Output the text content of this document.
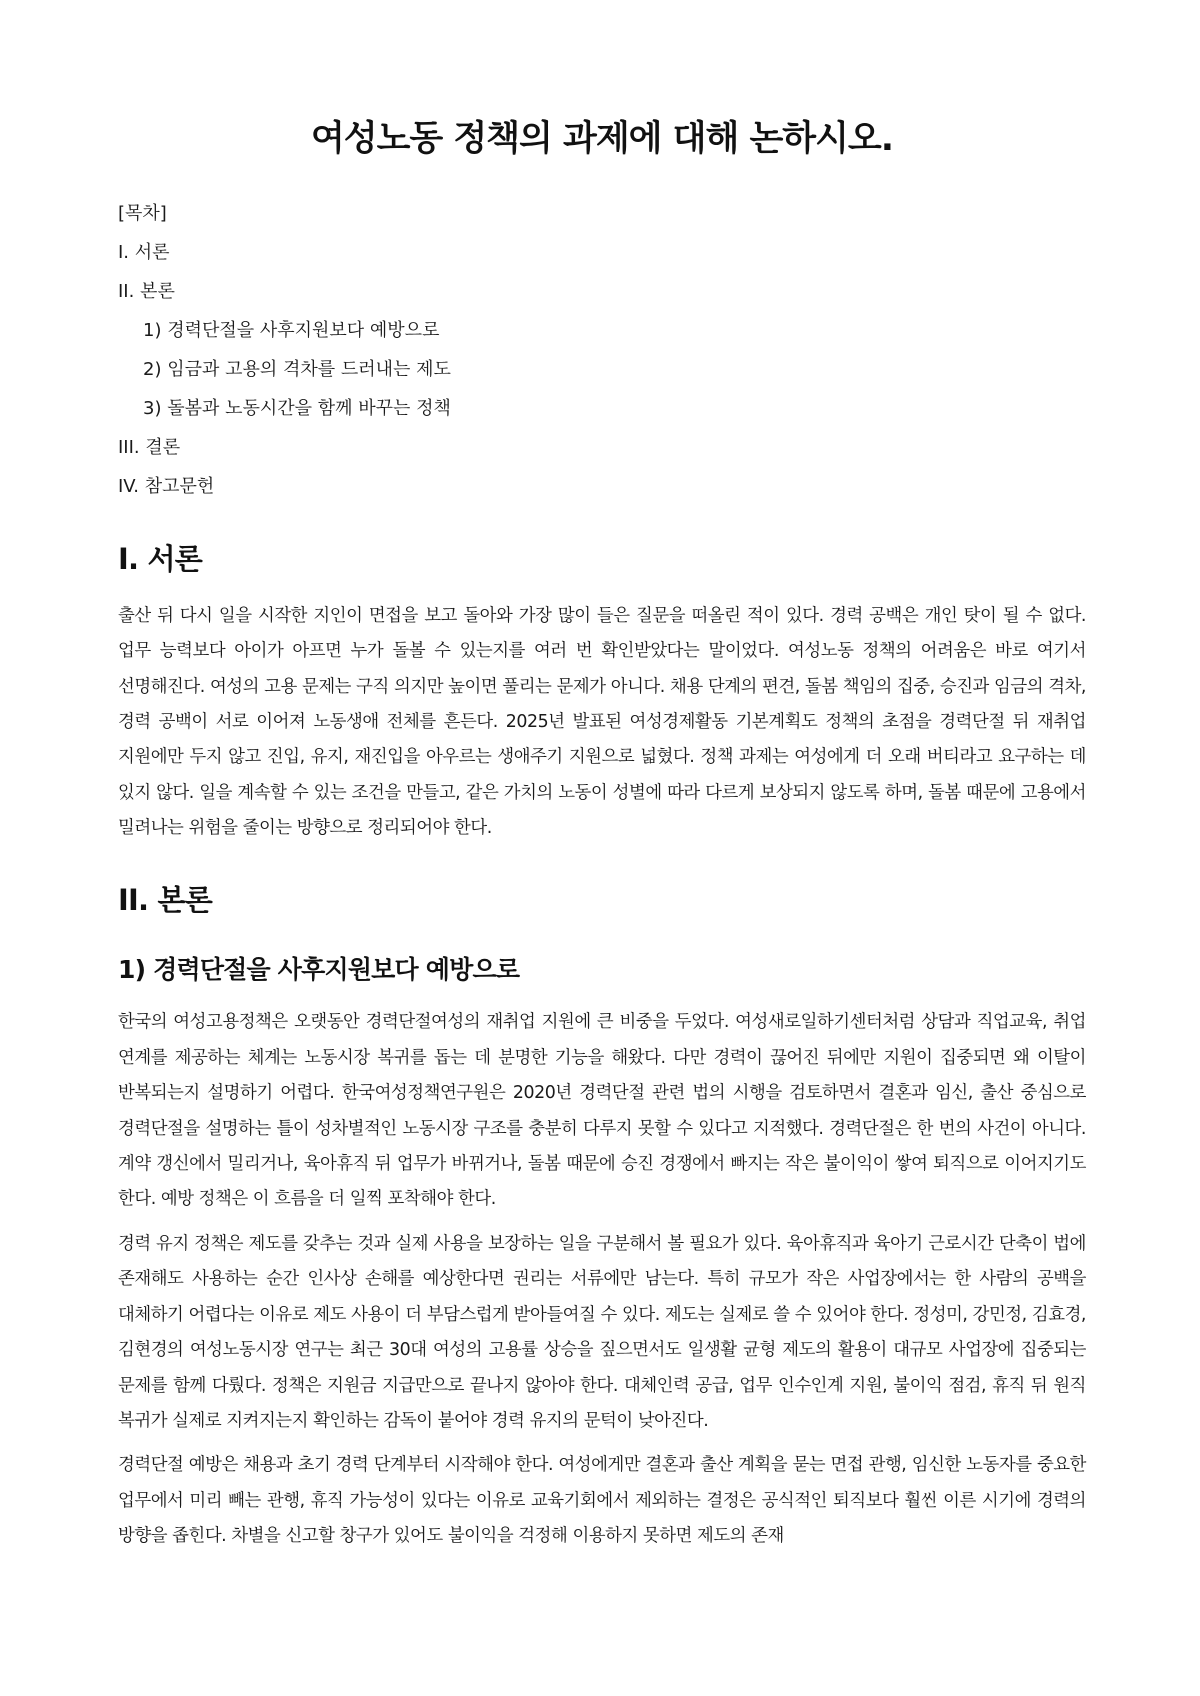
여성노동 정책의 과제에 대해 논하시오.
[목차]
I. 서론
II. 본론
1) 경력단절을 사후지원보다 예방으로
2) 임금과 고용의 격차를 드러내는 제도
3) 돌봄과 노동시간을 함께 바꾸는 정책
III. 결론
IV. 참고문헌
I. 서론

출산 뒤 다시 일을 시작한 지인이 면접을 보고 돌아와 가장 많이 들은 질문을 떠올린 적이 있다. 경력 공백은 개인 탓이 될 수 없다. 업무 능력보다 아이가 아프면 누가 돌볼 수 있는지를 여러 번 확인받았다는 말이었다. 여성노동 정책의 어려움은 바로 여기서 선명해진다. 여성의 고용 문제는 구직 의지만 높이면 풀리는 문제가 아니다. 채용 단계의 편견, 돌봄 책임의 집중, 승진과 임금의 격차, 경력 공백이 서로 이어져 노동생애 전체를 흔든다. 2025년 발표된 여성경제활동 기본계획도 정책의 초점을 경력단절 뒤 재취업 지원에만 두지 않고 진입, 유지, 재진입을 아우르는 생애주기 지원으로 넓혔다. 정책 과제는 여성에게 더 오래 버티라고 요구하는 데 있지 않다. 일을 계속할 수 있는 조건을 만들고, 같은 가치의 노동이 성별에 따라 다르게 보상되지 않도록 하며, 돌봄 때문에 고용에서 밀려나는 위험을 줄이는 방향으로 정리되어야 한다.

II. 본론
1) 경력단절을 사후지원보다 예방으로

한국의 여성고용정책은 오랫동안 경력단절여성의 재취업 지원에 큰 비중을 두었다. 여성새로일하기센터처럼 상담과 직업교육, 취업 연계를 제공하는 체계는 노동시장 복귀를 돕는 데 분명한 기능을 해왔다. 다만 경력이 끊어진 뒤에만 지원이 집중되면 왜 이탈이 반복되는지 설명하기 어렵다. 한국여성정책연구원은 2020년 경력단절 관련 법의 시행을 검토하면서 결혼과 임신, 출산 중심으로 경력단절을 설명하는 틀이 성차별적인 노동시장 구조를 충분히 다루지 못할 수 있다고 지적했다. 경력단절은 한 번의 사건이 아니다. 계약 갱신에서 밀리거나, 육아휴직 뒤 업무가 바뀌거나, 돌봄 때문에 승진 경쟁에서 빠지는 작은 불이익이 쌓여 퇴직으로 이어지기도 한다. 예방 정책은 이 흐름을 더 일찍 포착해야 한다.

경력 유지 정책은 제도를 갖추는 것과 실제 사용을 보장하는 일을 구분해서 볼 필요가 있다. 육아휴직과 육아기 근로시간 단축이 법에 존재해도 사용하는 순간 인사상 손해를 예상한다면 권리는 서류에만 남는다. 특히 규모가 작은 사업장에서는 한 사람의 공백을 대체하기 어렵다는 이유로 제도 사용이 더 부담스럽게 받아들여질 수 있다. 제도는 실제로 쓸 수 있어야 한다. 정성미, 강민정, 김효경, 김현경의 여성노동시장 연구는 최근 30대 여성의 고용률 상승을 짚으면서도 일생활 균형 제도의 활용이 대규모 사업장에 집중되는 문제를 함께 다뤘다. 정책은 지원금 지급만으로 끝나지 않아야 한다. 대체인력 공급, 업무 인수인계 지원, 불이익 점검, 휴직 뒤 원직 복귀가 실제로 지켜지는지 확인하는 감독이 붙어야 경력 유지의 문턱이 낮아진다.

경력단절 예방은 채용과 초기 경력 단계부터 시작해야 한다. 여성에게만 결혼과 출산 계획을 묻는 면접 관행, 임신한 노동자를 중요한 업무에서 미리 빼는 관행, 휴직 가능성이 있다는 이유로 교육기회에서 제외하는 결정은 공식적인 퇴직보다 훨씬 이른 시기에 경력의 방향을 좁힌다. 차별을 신고할 창구가 있어도 불이익을 걱정해 이용하지 못하면 제도의 존재
